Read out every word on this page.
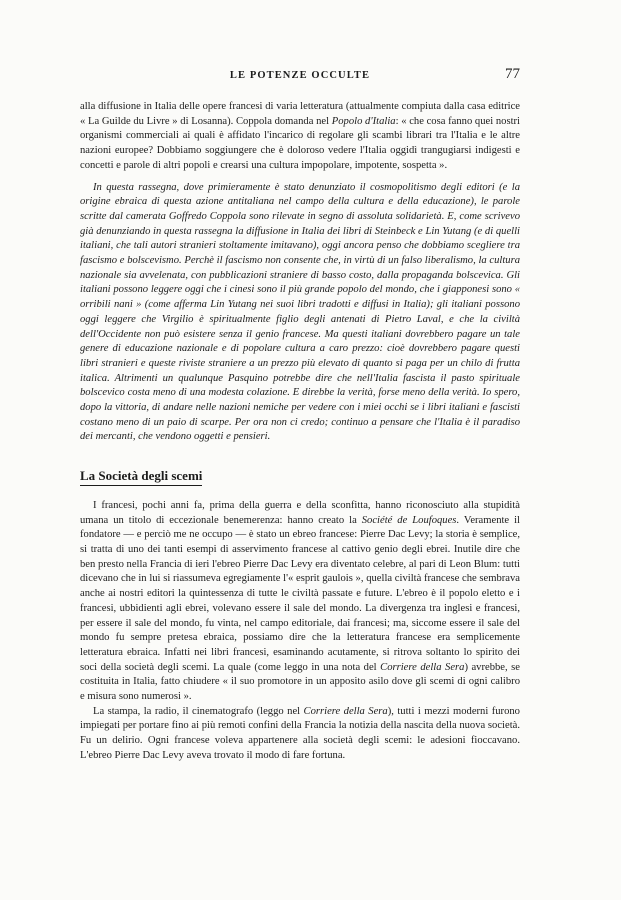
LE POTENZE OCCULTE	77

alla diffusione in Italia delle opere francesi di varia letteratura (attualmente compiuta dalla casa editrice « La Guilde du Livre » di Losanna). Coppola domanda nel Popolo d'Italia: « che cosa fanno quei nostri organismi commerciali ai quali è affidato l'incarico di regolare gli scambi librari tra l'Italia e le altre nazioni europee? Dobbiamo soggiungere che è doloroso vedere l'Italia oggidì trangugiarsi indigesti e concetti e parole di altri popoli e crearsi una cultura impopolare, impotente, sospetta ».

In questa rassegna, dove primieramente è stato denunziato il cosmopolitismo degli editori (e la origine ebraica di questa azione antitaliana nel campo della cultura e della educazione), le parole scritte dal camerata Goffredo Coppola sono rilevate in segno di assoluta solidarietà. E, come scrivevo già denunziando in questa rassegna la diffusione in Italia dei libri di Steinbeck e Lin Yutang (e di quelli italiani, che tali autori stranieri stoltamente imitavano), oggi ancora penso che dobbiamo scegliere tra fascismo e bolscevismo. Perchè il fascismo non consente che, in virtù di un falso liberalismo, la cultura nazionale sia avvelenata, con pubblicazioni straniere di basso costo, dalla propaganda bolscevica. Gli italiani possono leggere oggi che i cinesi sono il più grande popolo del mondo, che i giapponesi sono « orribili nani » (come afferma Lin Yutang nei suoi libri tradotti e diffusi in Italia); gli italiani possono oggi leggere che Virgilio è spiritualmente figlio degli antenati di Pietro Laval, e che la civiltà dell'Occidente non può esistere senza il genio francese. Ma questi italiani dovrebbero pagare un tale genere di educazione nazionale e di popolare cultura a caro prezzo: cioè dovrebbero pagare questi libri stranieri e queste riviste straniere a un prezzo più elevato di quanto si paga per un chilo di frutta italica. Altrimenti un qualunque Pasquino potrebbe dire che nell'Italia fascista il pasto spirituale bolscevico costa meno di una modesta colazione. E direbbe la verità, forse meno della verità. Io spero, dopo la vittoria, di andare nelle nazioni nemiche per vedere con i miei occhi se i libri italiani e fascisti costano meno di un paio di scarpe. Per ora non ci credo; continuo a pensare che l'Italia è il paradiso dei mercanti, che vendono oggetti e pensieri.

La Società degli scemi

I francesi, pochi anni fa, prima della guerra e della sconfitta, hanno riconosciuto alla stupidità umana un titolo di eccezionale benemerenza: hanno creato la Société de Loufoques. Veramente il fondatore — e perciò me ne occupo — è stato un ebreo francese: Pierre Dac Levy; la storia è semplice, si tratta di uno dei tanti esempi di asservimento francese al cattivo genio degli ebrei. Inutile dire che ben presto nella Francia di ieri l'ebreo Pierre Dac Levy era diventato celebre, al pari di Leon Blum: tutti dicevano che in lui si riassumeva egregiamente l'« esprit gaulois », quella civiltà francese che sembrava anche ai nostri editori la quintessenza di tutte le civiltà passate e future. L'ebreo è il popolo eletto e i francesi, ubbidienti agli ebrei, volevano essere il sale del mondo. La divergenza tra inglesi e francesi, per essere il sale del mondo, fu vinta, nel campo editoriale, dai francesi; ma, siccome essere il sale del mondo fu sempre pretesa ebraica, possiamo dire che la letteratura francese era semplicemente letteratura ebraica. Infatti nei libri francesi, esaminando acutamente, si ritrova soltanto lo spirito dei soci della società degli scemi. La quale (come leggo in una nota del Corriere della Sera) avrebbe, se costituita in Italia, fatto chiudere « il suo promotore in un apposito asilo dove gli scemi di ogni calibro e misura sono numerosi ».

La stampa, la radio, il cinematografo (leggo nel Corriere della Sera), tutti i mezzi moderni furono impiegati per portare fino ai più remoti confini della Francia la notizia della nascita della nuova società. Fu un delirio. Ogni francese voleva appartenere alla società degli scemi: le adesioni fioccavano. L'ebreo Pierre Dac Levy aveva trovato il modo di fare fortuna.
